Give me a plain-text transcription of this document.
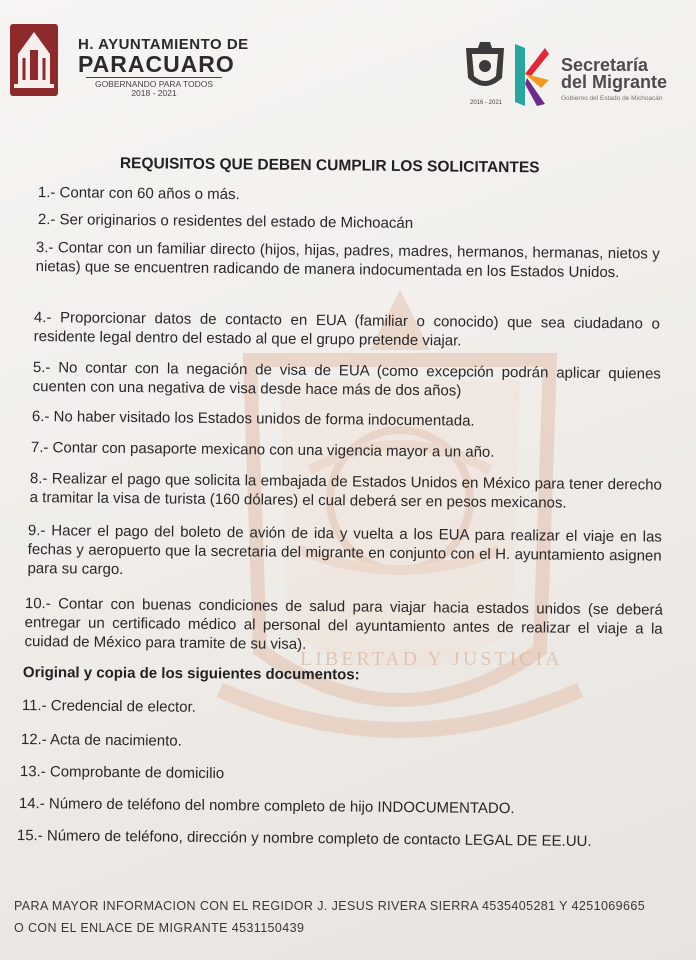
LIBERTAD Y JUSTICIA
H. AYUNTAMIENTO DE
PARACUARO
GOBERNANDO PARA TODOS
2018 - 2021
2016 - 2021
Secretaría
del Migrante
Gobierno del Estado de Michoacán
REQUISITOS QUE DEBEN CUMPLIR LOS SOLICITANTES
1.- Contar con 60 años o más.
2.- Ser originarios o residentes del estado de Michoacán
3.- Contar con un familiar directo (hijos, hijas, padres, madres, hermanos, hermanas, nietos y nietas) que se encuentren radicando de manera indocumentada en los Estados Unidos.
4.- Proporcionar datos de contacto en EUA (familiar o conocido) que sea ciudadano o residente legal dentro del estado al que el grupo pretende viajar.
5.- No contar con la negación de visa de EUA (como excepción podrán aplicar quienes cuenten con una negativa de visa desde hace más de dos años)
6.- No haber visitado los Estados unidos de forma indocumentada.
7.- Contar con pasaporte mexicano con una vigencia mayor a un año.
8.- Realizar el pago que solicita la embajada de Estados Unidos en México para tener derecho a tramitar la visa de turista (160 dólares) el cual deberá ser en pesos mexicanos.
9.- Hacer el pago del boleto de avión de ida y vuelta a los EUA para realizar el viaje en las fechas y aeropuerto que la secretaria del migrante en conjunto con el H. ayuntamiento asignen para su cargo.
10.- Contar con buenas condiciones de salud para viajar hacia estados unidos (se deberá entregar un certificado médico al personal del ayuntamiento antes de realizar el viaje a la cuidad de México para tramite de su visa).
Original y copia de los siguientes documentos:
11.- Credencial de elector.
12.- Acta de nacimiento.
13.- Comprobante de domicilio
14.- Número de teléfono del nombre completo de hijo INDOCUMENTADO.
15.- Número de teléfono, dirección y nombre completo de contacto LEGAL DE EE.UU.
PARA MAYOR INFORMACION CON EL REGIDOR J. JESUS RIVERA SIERRA 4535405281 Y 4251069665 O CON EL ENLACE DE MIGRANTE 4531150439
